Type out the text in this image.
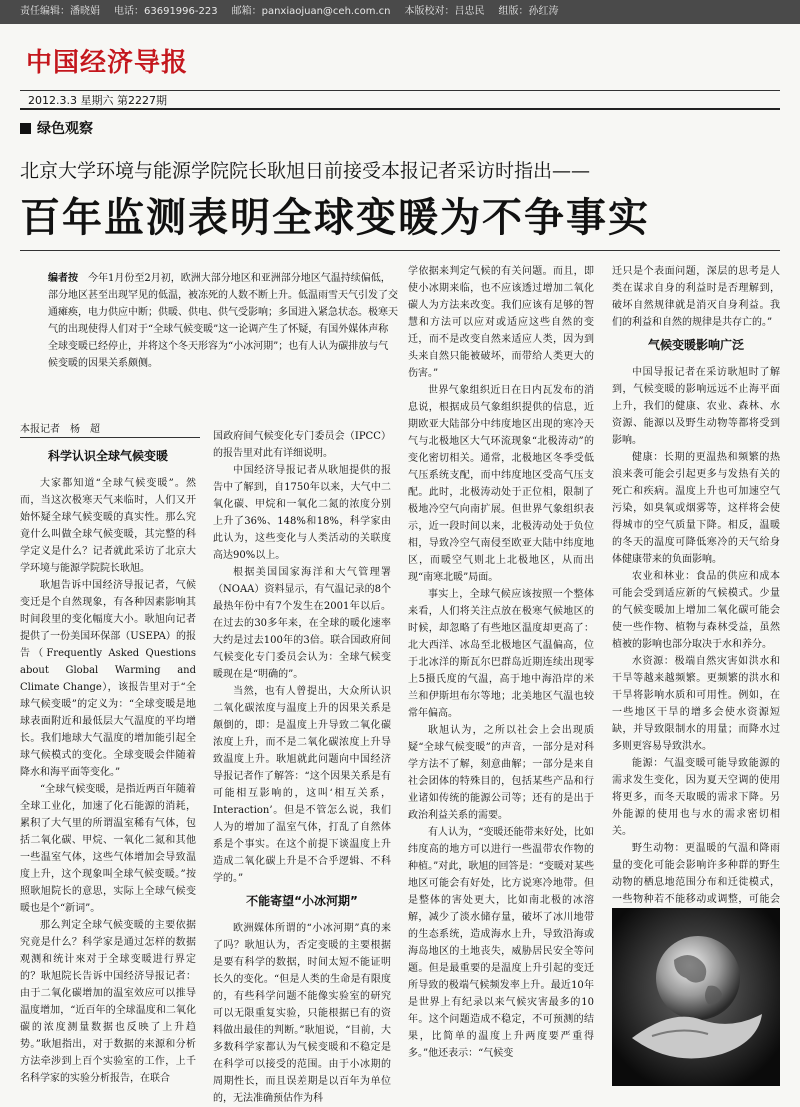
责任编辑：潘晓娟 电话：63691996-223 邮箱：panxiaojuan@ceh.com.cn 本版校对：吕忠民 组版：孙红涛
中国经济导报
2012.3.3 星期六 第2227期
绿色观察
北京大学环境与能源学院院长耿旭日前接受本报记者采访时指出——
百年监测表明全球变暖为不争事实
编者按　 今年1月份至2月初，欧洲大部分地区和亚洲部分地区气温持续偏低，部分地区甚至出现罕见的低温，被冻死的人数不断上升。低温雨雪天气引发了交通瘫痪，电力供应中断；供暖、供电、供气受影响；多国进入紧急状态。极寒天气的出现使得人们对于“全球气候变暖”这一论调产生了怀疑，有国外媒体声称全球变暖已经停止，并将这个冬天形容为“小冰河期”；也有人认为碳排放与气候变暖的因果关系颇侧。
本报记者　杨　超
科学认识全球气候变暖

大家都知道“全球气候变暖”。然而，当这次极寒天气来临时，人们又开始怀疑全球气候变暖的真实性。那么究竟什么叫做全球气候变暖，其完整的科学定义是什么？记者就此采访了北京大学环境与能源学院院长耿旭。

耿旭告诉中国经济导报记者，气候变迁是个自然现象，有各种因素影响其时间段里的变化幅度大小。耿旭向记者提供了一份美国环保部（USEPA）的报告（Frequently Asked Questions about Global Warming and Climate Change），该报告里对于“全球气候变暖”的定义为：“全球变暖是地球表面附近和最低层大气温度的平均增长。我们地球大气温度的增加能引起全球气候模式的变化。全球变暖会伴随着降水和海平面等变化。”

“全球气候变暖，是指近两百年随着全球工业化，加速了化石能源的消耗，累积了大气里的所谓温室稀有气体，包括二氧化碳、甲烷、一氧化二氮和其他一些温室气体，这些气体增加会导致温度上升，这个现象叫全球气候变暖。”按照耿旭院长的意思，实际上全球气候变暖也是个“新词”。

那么判定全球气候变暖的主要依据究竟是什么？科学家是通过怎样的数据观测和统计來对于全球变暖进行界定的？耿旭院长告诉中国经济导报记者：由于二氧化碳增加的温室效应可以推导温度增加，“近百年的全球温度和二氧化碳的浓度测量数据也反映了上升趋势。”耿旭指出，对于数据的来源和分析方法牵涉到上百个实验室的工作，上千名科学家的实验分析报告，在联合

国政府间气候变化专门委员会（IPCC）的报告里对此有详细说明。

中国经济导报记者从耿旭提供的报告中了解到，自1750年以来，大气中二氧化碳、甲烷和一氧化二氮的浓度分别上升了36%、148%和18%，科学家由此认为，这些变化与人类活动的关联度高达90%以上。

根据美国国家海洋和大气管理署（NOAA）资料显示，有气温记录的8个最热年份中有7个发生在2001年以后。在过去的30多年来，在全球的暖化速率大约是过去100年的3倍。联合国政府间气候变化专门委员会认为：全球气候变暖现在是“明确的”。

当然，也有人曾提出，大众所认识二氧化碳浓度与温度上升的因果关系是颠倒的，即：是温度上升导致二氧化碳浓度上升，而不是二氧化碳浓度上升导致温度上升。耿旭就此问题向中国经济导报记者作了解答：“这个因果关系是有可能相互影响的，这叫‘相互关系，Interaction’。但是不管怎么说，我们人为的增加了温室气体，打乱了自然体系是个事实。在这个前提下谈温度上升造成二氧化碳上升是不合乎逻辑、不科学的。”

不能寄望“小冰河期”

欧洲媒体所谓的“小冰河期”真的来了吗？耿旭认为，否定变暖的主要根据是要有科学的数据，时间太短不能证明长久的变化。“但是人类的生命是有限度的，有些科学问题不能像实验室的研究可以无限重复实验，只能根据已有的资料做出最佳的判断。”耿旭说，“目前，大多数科学家都认为气候变暖和不稳定是在科学可以接受的范围。由于小冰期的周期性长，而且误差期是以百年为单位的，无法准确预估作为科

学依据来判定气候的有关问题。而且，即使小冰期来临，也不应该透过增加二氧化碳人为方法来改变。我们应该有足够的智慧和方法可以应对或适应这些自然的变迁，而不是改变自然来适应人类，因为到头来自然只能被破坏，而带给人类更大的伤害。”

世界气象组织近日在日内瓦发布的消息说，根据成员气象组织提供的信息，近期欧亚大陆部分中纬度地区出现的寒冷天气与北极地区大气环流现象“北极涛动”的变化密切相关。通常，北极地区冬季受低气压系统支配，而中纬度地区受高气压支配。此时，北极涛动处于正位相，限制了极地冷空气向南扩展。但世界气象组织表示，近一段时间以来，北极涛动处于负位相，导致冷空气南侵至欧亚大陆中纬度地区，而暖空气则北上北极地区，从而出现“南寒北暖”局面。

事实上，全球气候应该按照一个整体来看，人们将关注点放在极寒气候地区的时候，却忽略了有些地区温度却更高了：北大西洋、冰岛至北极地区气温偏高，位于北冰洋的斯瓦尔巴群岛近期连续出现零上5摄氏度的气温，高于地中海沿岸的米兰和伊斯坦布尔等地；北美地区气温也较常年偏高。

耿旭认为，之所以社会上会出现质疑“全球气候变暖”的声音，一部分是对科学方法不了解，刻意曲解；一部分是来自社会团体的特殊目的，包括某些产品和行业诸如传统的能源公司等；还有的是出于政治利益关系的需要。

有人认为，“变暖还能带来好处，比如纬度高的地方可以进行一些温带农作物的种植。”对此，耿旭的回答是：“变暖对某些地区可能会有好处，比方说寒冷地带。但是整体的害处更大，比如南北极的冰溶解，减少了淡水储存量，破坏了冰川地带的生态系统，造成海水上升，导致沿海或海岛地区的土地丧失，威胁居民安全等问题。但是最重要的是温度上升引起的变迁所导致的极端气候频发率上升。最近10年是世界上有纪录以来气候灾害最多的10年。这个问题造成不稳定，不可预测的结果，比简单的温度上升两度要严重得多。”他还表示：“气候变

迁只是个表面问题，深层的思考是人类在谋求自身的利益时是否理解到，破坏自然规律就是消灭自身利益。我们的利益和自然的规律是共存亡的。”

气候变暖影响广泛

中国导报记者在采访耿旭时了解到，气候变暖的影响远远不止海平面上升，我们的健康、农业、森林、水资源、能源以及野生动物等都将受到影响。

健康：长期的更温热和频繁的热浪来袭可能会引起更多与发热有关的死亡和疾病。温度上升也可加速空气污染，如臭氧或烟雾等，这样将会使得城市的空气质量下降。相反，温暖的冬天的温度可降低寒冷的天气给身体健康带来的负面影响。

农业和林业：食品的供应和成本可能会受到适应新的气候模式。少量的气候变暖加上增加二氧化碳可能会使一些作物、植物与森林受益，虽然植被的影响也部分取决于水和养分。

水资源：极端自然灾害如洪水和干旱等越来越频繁。更频繁的洪水和干旱将影响水质和可用性。例如，在一些地区干旱的增多会使水资源短缺，并导致限制水的用量；而降水过多则更容易导致洪水。

能源：气温变暖可能导致能源的需求发生变化，因为夏天空调的使用将更多，而冬天取暖的需求下降。另外能源的使用也与水的需求密切相关。

野生动物：更温暖的气温和降雨量的变化可能会影响许多种群的野生动物的栖息地范围分布和迁徙模式，一些物种若不能移动或调整，可能会
